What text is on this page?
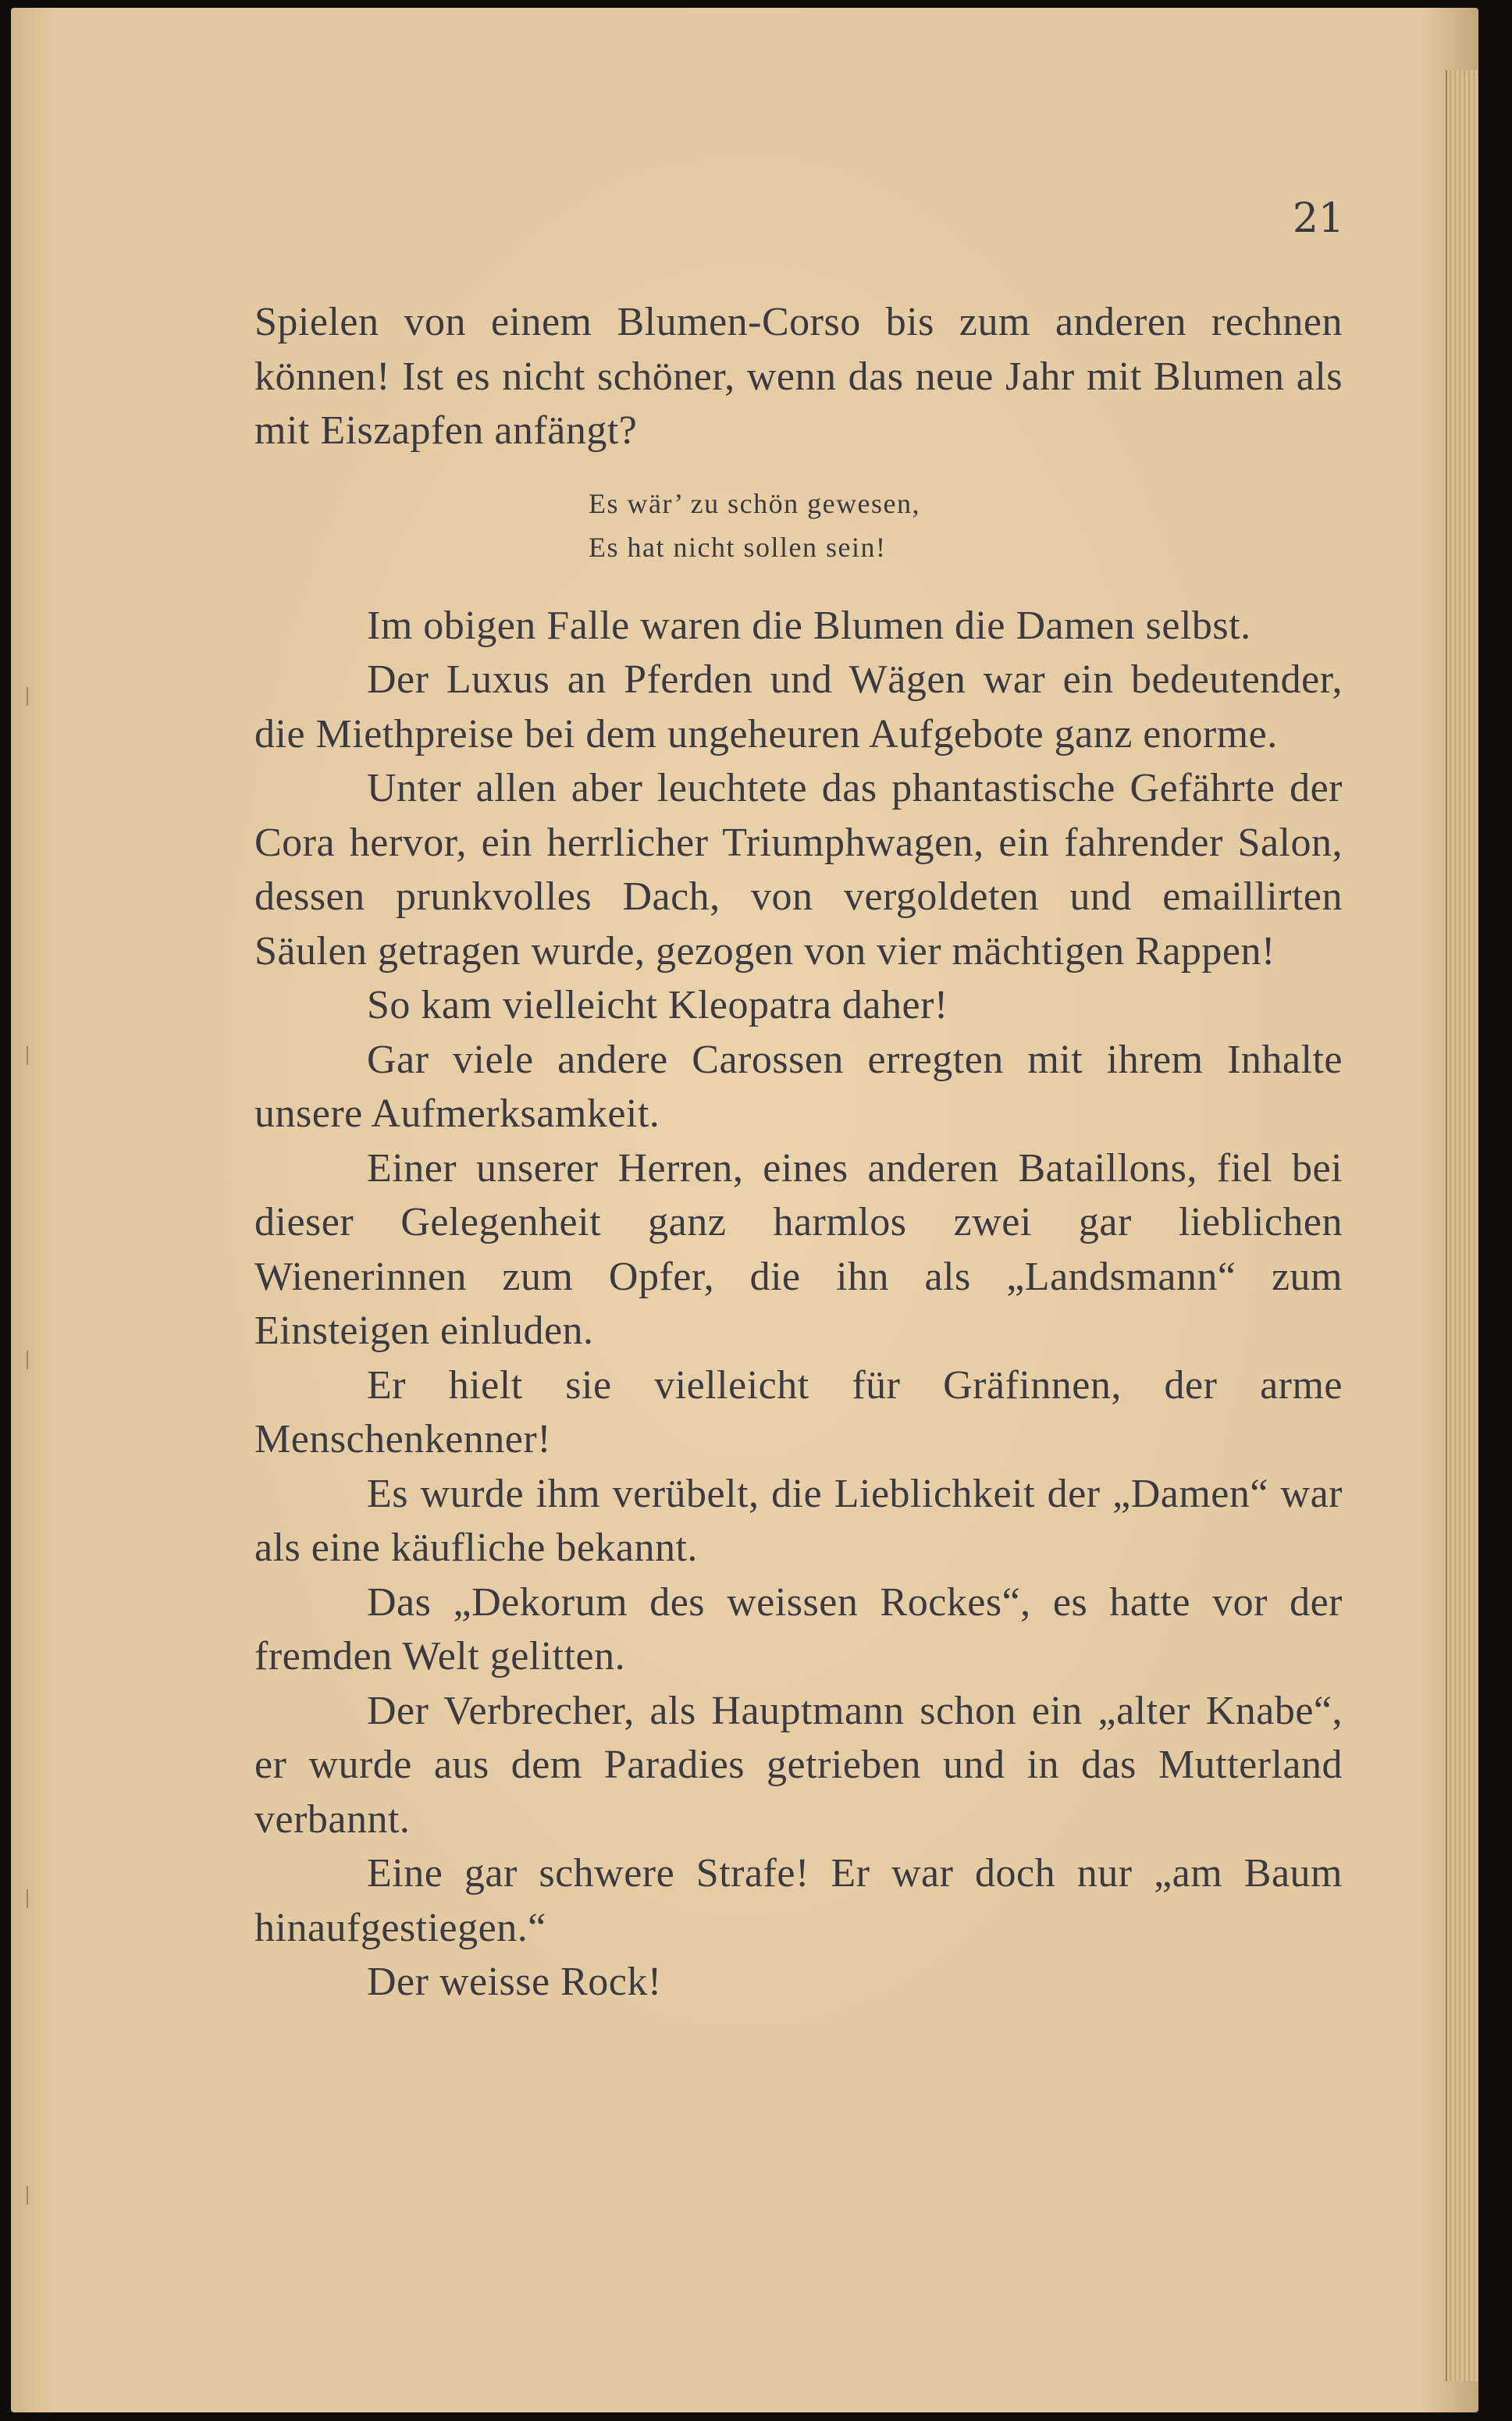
21

Spielen von einem Blumen-Corso bis zum anderen rechnen können! Ist es nicht schöner, wenn das neue Jahr mit Blumen als mit Eiszapfen anfängt?

Es wär’ zu schön gewesen,
Es hat nicht sollen sein!

Im obigen Falle waren die Blumen die Damen selbst.

Der Luxus an Pferden und Wägen war ein bedeutender, die Miethpreise bei dem ungeheuren Aufgebote ganz enorme.

Unter allen aber leuchtete das phantastische Gefährte der Cora hervor, ein herrlicher Triumphwagen, ein fahrender Salon, dessen prunkvolles Dach, von vergoldeten und emaillirten Säulen getragen wurde, gezogen von vier mächtigen Rappen!

So kam vielleicht Kleopatra daher!

Gar viele andere Carossen erregten mit ihrem Inhalte unsere Aufmerksamkeit.

Einer unserer Herren, eines anderen Bataillons, fiel bei dieser Gelegenheit ganz harmlos zwei gar lieblichen Wienerinnen zum Opfer, die ihn als „Landsmann“ zum Einsteigen einluden.

Er hielt sie vielleicht für Gräfinnen, der arme Menschenkenner!

Es wurde ihm verübelt, die Lieblichkeit der „Damen“ war als eine käufliche bekannt.

Das „Dekorum des weissen Rockes“, es hatte vor der fremden Welt gelitten.

Der Verbrecher, als Hauptmann schon ein „alter Knabe“, er wurde aus dem Paradies getrieben und in das Mutterland verbannt.

Eine gar schwere Strafe! Er war doch nur „am Baum hinaufgestiegen.“

Der weisse Rock!
